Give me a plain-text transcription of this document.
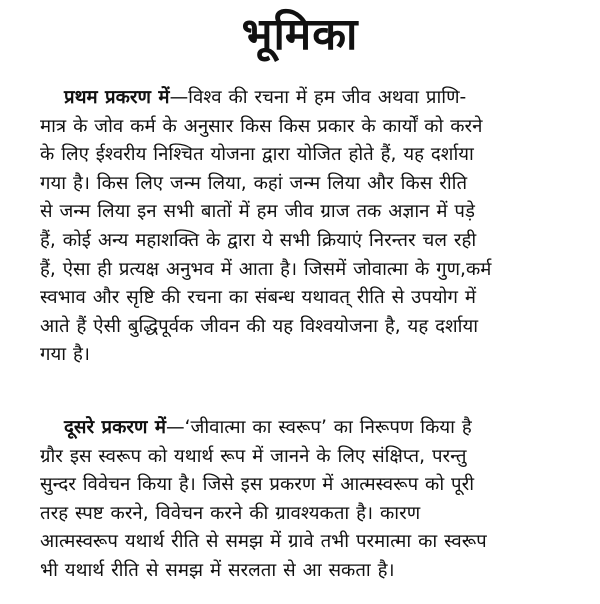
भूमिका
प्रथम प्रकरण में—विश्व की रचना में हम जीव अथवा प्राणि-
मात्र के जोव कर्म के अनुसार किस किस प्रकार के कार्यों को करने
के लिए ईश्वरीय निश्चित योजना द्वारा योजित होते हैं, यह दर्शाया
गया है। किस लिए जन्म लिया, कहां जन्म लिया और किस रीति
से जन्म लिया इन सभी बातों में हम जीव ग्राज तक अज्ञान में पड़े
हैं, कोई अन्य महाशक्ति के द्वारा ये सभी क्रियाएं निरन्तर चल रही
हैं, ऐसा ही प्रत्यक्ष अनुभव में आता है। जिसमें जोवात्मा के गुण,कर्म
स्वभाव और सृष्टि की रचना का संबन्ध यथावत् रीति से उपयोग में
आते हैं ऐसी बुद्धिपूर्वक जीवन की यह विश्वयोजना है, यह दर्शाया
गया है।
दूसरे प्रकरण में—‘जीवात्मा का स्वरूप’ का निरूपण किया है
ग्रौर इस स्वरूप को यथार्थ रूप में जानने के लिए संक्षिप्त, परन्तु
सुन्दर विवेचन किया है। जिसे इस प्रकरण में आत्मस्वरूप को पूरी
तरह स्पष्ट करने, विवेचन करने की ग्रावश्यकता है। कारण
आत्मस्वरूप यथार्थ रीति से समझ में ग्रावे तभी परमात्मा का स्वरूप
भी यथार्थ रीति से समझ में सरलता से आ सकता है।
